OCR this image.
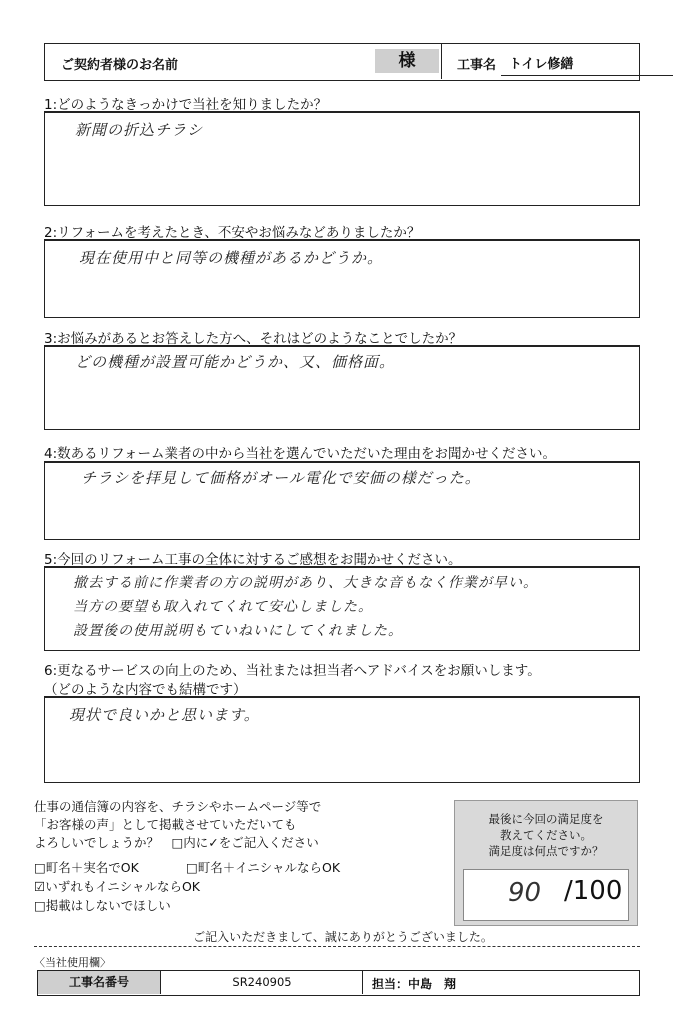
ご契約者様のお名前	様	工事名 トイレ修繕
1:どのようなきっかけで当社を知りましたか？
新聞の折込チラシ
2:リフォームを考えたとき、不安やお悩みなどありましたか？
現在使用中と同等の機種があるかどうか。
3:お悩みがあるとお答えした方へ、それはどのようなことでしたか？
どの機種が設置可能かどうか、又、価格面。
4:数あるリフォーム業者の中から当社を選んでいただいた理由をお聞かせください。
チラシを拝見して価格がオール電化で安価の様だった。
5:今回のリフォーム工事の全体に対するご感想をお聞かせください。
撤去する前に作業者の方の説明があり、大きな音もなく作業が早い。
当方の要望も取入れてくれて安心しました。
設置後の使用説明もていねいにしてくれました。
6:更なるサービスの向上のため、当社または担当者へアドバイスをお願いします。
（どのような内容でも結構です）
現状で良いかと思います。
仕事の通信簿の内容を、チラシやホームページ等で
「お客様の声」として掲載させていただいても
よろしいでしょうか？　□内に✓をご記入ください
□町名＋実名でOK	□町名＋イニシャルならOK
☑いずれもイニシャルならOK
□掲載はしないでほしい
最後に今回の満足度を
教えてください。
満足度は何点ですか？
90 /100
ご記入いただきまして、誠にありがとうございました。
〈当社使用欄〉
工事名番号	SR240905	担当： 中島　翔
